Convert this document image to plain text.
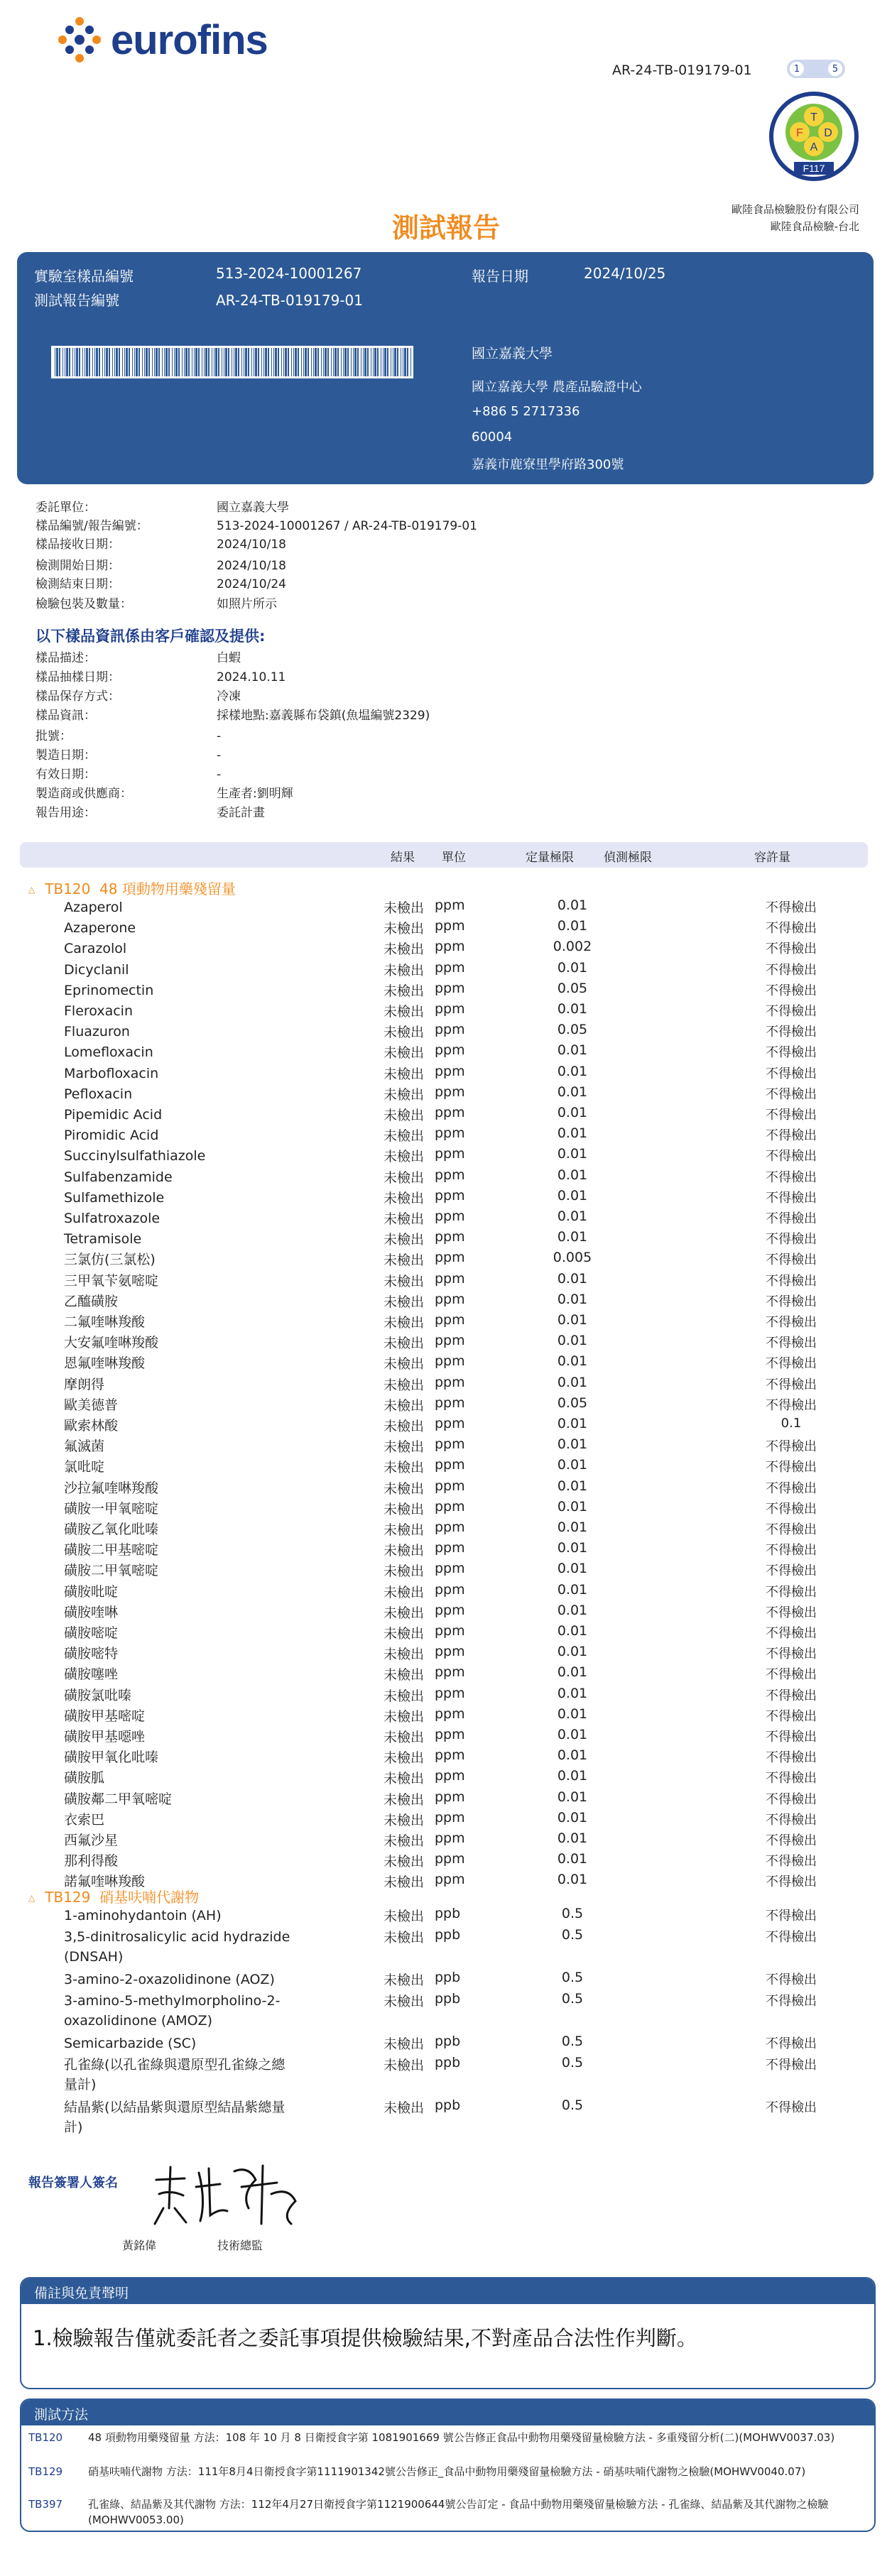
eurofins
AR-24-TB-019179-01	1	5
T
F D
A
F117
測試報告
歐陸食品檢驗股份有限公司
歐陸食品檢驗-台北
實驗室樣品編號	513-2024-10001267	報告日期	2024/10/25
測試報告編號	AR-24-TB-019179-01
國立嘉義大學
國立嘉義大學 農產品驗證中心
+886 5 2717336
60004
嘉義市鹿寮里學府路300號
委託單位：	國立嘉義大學
樣品編號/報告編號：	513-2024-10001267 / AR-24-TB-019179-01
樣品接收日期：	2024/10/18
檢測開始日期：	2024/10/18
檢測結束日期：	2024/10/24
檢驗包裝及數量：	如照片所示
以下樣品資訊係由客戶確認及提供:
樣品描述：	白蝦
樣品抽樣日期：	2024.10.11
樣品保存方式：	冷凍
樣品資訊：	採樣地點:嘉義縣布袋鎮(魚塭編號2329)
批號：	-
製造日期：	-
有效日期：	-
製造商或供應商：	生產者:劉明輝
報告用途：	委託計畫
結果 單位	定量極限 偵測極限	容許量
△ TB120 48 項動物用藥殘留量
Azaperol	未檢出 ppm	0.01	不得檢出
Azaperone	未檢出 ppm	0.01	不得檢出
Carazolol	未檢出 ppm	0.002	不得檢出
Dicyclanil	未檢出 ppm	0.01	不得檢出
Eprinomectin	未檢出 ppm	0.05	不得檢出
Fleroxacin	未檢出 ppm	0.01	不得檢出
Fluazuron	未檢出 ppm	0.05	不得檢出
Lomefloxacin	未檢出 ppm	0.01	不得檢出
Marbofloxacin	未檢出 ppm	0.01	不得檢出
Pefloxacin	未檢出 ppm	0.01	不得檢出
Pipemidic Acid	未檢出 ppm	0.01	不得檢出
Piromidic Acid	未檢出 ppm	0.01	不得檢出
Succinylsulfathiazole	未檢出 ppm	0.01	不得檢出
Sulfabenzamide	未檢出 ppm	0.01	不得檢出
Sulfamethizole	未檢出 ppm	0.01	不得檢出
Sulfatroxazole	未檢出 ppm	0.01	不得檢出
Tetramisole	未檢出 ppm	0.01	不得檢出
三氯仿(三氯松)	未檢出 ppm	0.005	不得檢出
三甲氧苄氨嘧啶	未檢出 ppm	0.01	不得檢出
乙醯磺胺	未檢出 ppm	0.01	不得檢出
二氟喹啉羧酸	未檢出 ppm	0.01	不得檢出
大安氟喹啉羧酸	未檢出 ppm	0.01	不得檢出
恩氟喹啉羧酸	未檢出 ppm	0.01	不得檢出
摩朗得	未檢出 ppm	0.01	不得檢出
歐美德普	未檢出 ppm	0.05	不得檢出
歐索林酸	未檢出 ppm	0.01	0.1
氟滅菌	未檢出 ppm	0.01	不得檢出
氯吡啶	未檢出 ppm	0.01	不得檢出
沙拉氟喹啉羧酸	未檢出 ppm	0.01	不得檢出
磺胺一甲氧嘧啶	未檢出 ppm	0.01	不得檢出
磺胺乙氧化吡嗪	未檢出 ppm	0.01	不得檢出
磺胺二甲基嘧啶	未檢出 ppm	0.01	不得檢出
磺胺二甲氧嘧啶	未檢出 ppm	0.01	不得檢出
磺胺吡啶	未檢出 ppm	0.01	不得檢出
磺胺喹啉	未檢出 ppm	0.01	不得檢出
磺胺嘧啶	未檢出 ppm	0.01	不得檢出
磺胺嘧特	未檢出 ppm	0.01	不得檢出
磺胺噻唑	未檢出 ppm	0.01	不得檢出
磺胺氯吡嗪	未檢出 ppm	0.01	不得檢出
磺胺甲基嘧啶	未檢出 ppm	0.01	不得檢出
磺胺甲基噁唑	未檢出 ppm	0.01	不得檢出
磺胺甲氧化吡嗪	未檢出 ppm	0.01	不得檢出
磺胺胍	未檢出 ppm	0.01	不得檢出
磺胺鄰二甲氧嘧啶	未檢出 ppm	0.01	不得檢出
衣索巴	未檢出 ppm	0.01	不得檢出
西氟沙星	未檢出 ppm	0.01	不得檢出
那利得酸	未檢出 ppm	0.01	不得檢出
諾氟喹啉羧酸	未檢出 ppm	0.01	不得檢出
△ TB129 硝基呋喃代謝物
1-aminohydantoin (AH)	未檢出 ppb	0.5	不得檢出
3,5-dinitrosalicylic acid hydrazide (DNSAH)
未檢出 ppb	0.5	不得檢出
3-amino-2-oxazolidinone (AOZ)	未檢出 ppb	0.5	不得檢出
3-amino-5-methylmorpholino-2-oxazolidinone (AMOZ)
未檢出 ppb	0.5	不得檢出
Semicarbazide (SC)	未檢出 ppb	0.5	不得檢出
孔雀綠(以孔雀綠與還原型孔雀綠之總量計)
未檢出 ppb	0.5	不得檢出
結晶紫(以結晶紫與還原型結晶紫總量計)
未檢出 ppb	0.5	不得檢出
報告簽署人簽名
黃銘偉	技術總監
備註與免責聲明
1.檢驗報告僅就委託者之委託事項提供檢驗結果,不對產品合法性作判斷。
測試方法
TB120 48 項動物用藥殘留量 方法：108 年 10 月 8 日衛授食字第 1081901669 號公告修正食品中動物用藥殘留量檢驗方法 - 多重殘留分析(二)(MOHWV0037.03)
TB129 硝基呋喃代謝物 方法：111年8月4日衛授食字第1111901342號公告修正_食品中動物用藥殘留量檢驗方法 - 硝基呋喃代謝物之檢驗(MOHWV0040.07)
TB397 孔雀綠、結晶紫及其代謝物 方法：112年4月27日衛授食字第1121900644號公告訂定 - 食品中動物用藥殘留量檢驗方法 - 孔雀綠、結晶紫及其代謝物之檢驗(MOHWV0053.00)
